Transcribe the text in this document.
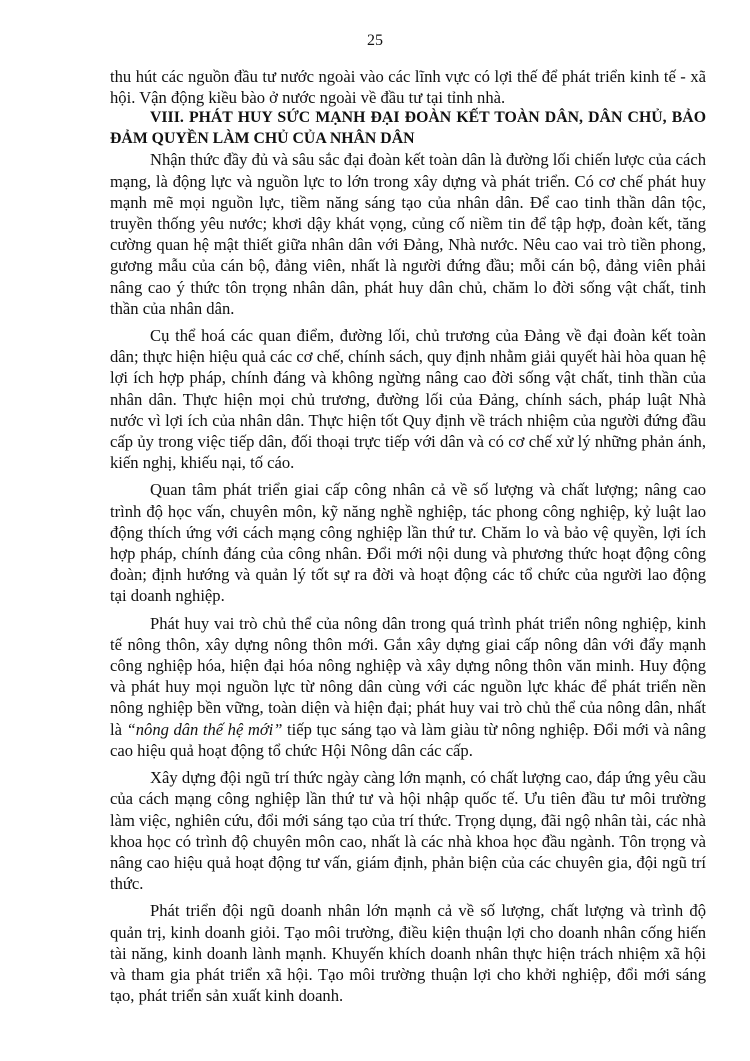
25

thu hút các nguồn đầu tư nước ngoài vào các lĩnh vực có lợi thế để phát triển kinh tế - xã hội. Vận động kiều bào ở nước ngoài về đầu tư tại tỉnh nhà.

VIII. PHÁT HUY SỨC MẠNH ĐẠI ĐOÀN KẾT TOÀN DÂN, DÂN CHỦ, BẢO ĐẢM QUYỀN LÀM CHỦ CỦA NHÂN DÂN

Nhận thức đầy đủ và sâu sắc đại đoàn kết toàn dân là đường lối chiến lược của cách mạng, là động lực và nguồn lực to lớn trong xây dựng và phát triển. Có cơ chế phát huy mạnh mẽ mọi nguồn lực, tiềm năng sáng tạo của nhân dân. Để cao tinh thần dân tộc, truyền thống yêu nước; khơi dậy khát vọng, củng cố niềm tin để tập hợp, đoàn kết, tăng cường quan hệ mật thiết giữa nhân dân với Đảng, Nhà nước. Nêu cao vai trò tiền phong, gương mẫu của cán bộ, đảng viên, nhất là người đứng đầu; mỗi cán bộ, đảng viên phải nâng cao ý thức tôn trọng nhân dân, phát huy dân chủ, chăm lo đời sống vật chất, tinh thần của nhân dân.

Cụ thể hoá các quan điểm, đường lối, chủ trương của Đảng về đại đoàn kết toàn dân; thực hiện hiệu quả các cơ chế, chính sách, quy định nhằm giải quyết hài hòa quan hệ lợi ích hợp pháp, chính đáng và không ngừng nâng cao đời sống vật chất, tinh thần của nhân dân. Thực hiện mọi chủ trương, đường lối của Đảng, chính sách, pháp luật Nhà nước vì lợi ích của nhân dân. Thực hiện tốt Quy định về trách nhiệm của người đứng đầu cấp ủy trong việc tiếp dân, đối thoại trực tiếp với dân và có cơ chế xử lý những phản ánh, kiến nghị, khiếu nại, tố cáo.

Quan tâm phát triển giai cấp công nhân cả về số lượng và chất lượng; nâng cao trình độ học vấn, chuyên môn, kỹ năng nghề nghiệp, tác phong công nghiệp, kỷ luật lao động thích ứng với cách mạng công nghiệp lần thứ tư. Chăm lo và bảo vệ quyền, lợi ích hợp pháp, chính đáng của công nhân. Đổi mới nội dung và phương thức hoạt động công đoàn; định hướng và quản lý tốt sự ra đời và hoạt động các tổ chức của người lao động tại doanh nghiệp.

Phát huy vai trò chủ thể của nông dân trong quá trình phát triển nông nghiệp, kinh tế nông thôn, xây dựng nông thôn mới. Gắn xây dựng giai cấp nông dân với đẩy mạnh công nghiệp hóa, hiện đại hóa nông nghiệp và xây dựng nông thôn văn minh. Huy động và phát huy mọi nguồn lực từ nông dân cùng với các nguồn lực khác để phát triển nền nông nghiệp bền vững, toàn diện và hiện đại; phát huy vai trò chủ thể của nông dân, nhất là “nông dân thế hệ mới” tiếp tục sáng tạo và làm giàu từ nông nghiệp. Đổi mới và nâng cao hiệu quả hoạt động tổ chức Hội Nông dân các cấp.

Xây dựng đội ngũ trí thức ngày càng lớn mạnh, có chất lượng cao, đáp ứng yêu cầu của cách mạng công nghiệp lần thứ tư và hội nhập quốc tế. Ưu tiên đầu tư môi trường làm việc, nghiên cứu, đổi mới sáng tạo của trí thức. Trọng dụng, đãi ngộ nhân tài, các nhà khoa học có trình độ chuyên môn cao, nhất là các nhà khoa học đầu ngành. Tôn trọng và nâng cao hiệu quả hoạt động tư vấn, giám định, phản biện của các chuyên gia, đội ngũ trí thức.

Phát triển đội ngũ doanh nhân lớn mạnh cả về số lượng, chất lượng và trình độ quản trị, kinh doanh giỏi. Tạo môi trường, điều kiện thuận lợi cho doanh nhân cống hiến tài năng, kinh doanh lành mạnh. Khuyến khích doanh nhân thực hiện trách nhiệm xã hội và tham gia phát triển xã hội. Tạo môi trường thuận lợi cho khởi nghiệp, đổi mới sáng tạo, phát triển sản xuất kinh doanh.
